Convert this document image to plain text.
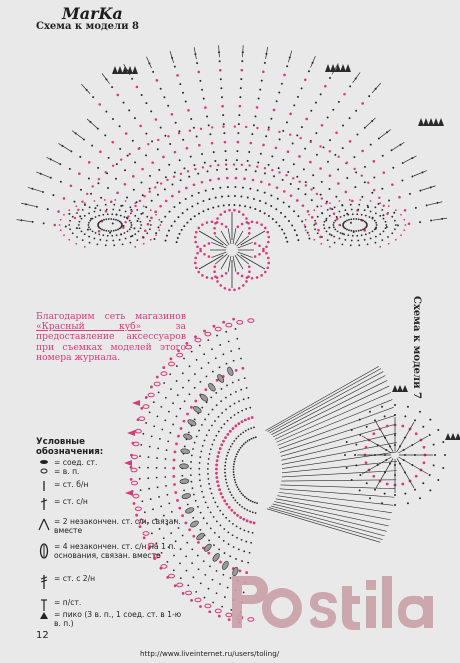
MarKa
Схема к модели 8
Схема к модели 7
Благодарим сеть магазинов «Красный куб» за предоставление аксессуаров при съемках моделей этого номера журнала.
Условные обозначения:
= соед. ст.
= в. п.
= ст. б/н
= ст. с/н
= 2 незакончен. ст. с/н, связан. вместе
= 4 незакончен. ст. с/н на 1 п. основания, связан. вместе
= ст. с 2/н
= п/ст.
= пико (3 в. п., 1 соед. ст. в 1-ю в. п.)
12
http://www.liveinternet.ru/users/toling/
